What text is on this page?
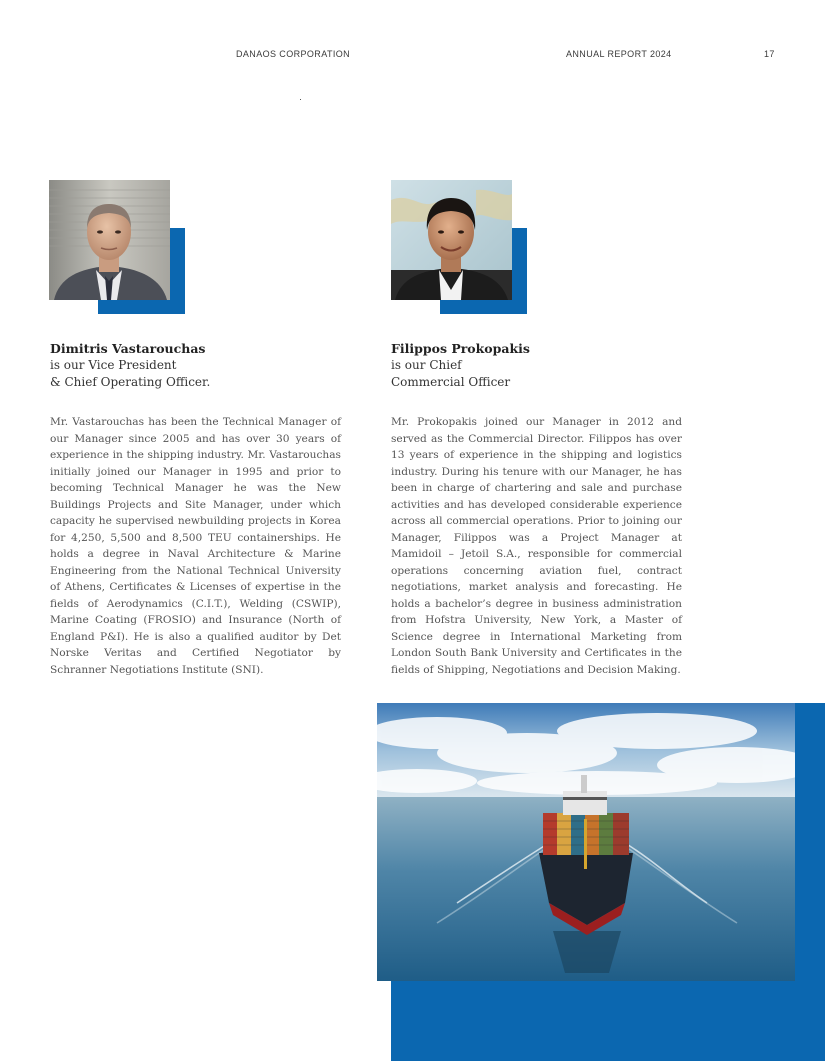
DANAOS CORPORATION	ANNUAL REPORT 2024	17
Dimitris Vastarouchas
is our Vice President
& Chief Operating Officer.

Mr. Vastarouchas has been the Technical Manager of our Manager since 2005 and has over 30 years of experience in the shipping industry. Mr. Vastarouchas initially joined our Manager in 1995 and prior to becoming Technical Manager he was the New Buildings Projects and Site Manager, under which capacity he supervised newbuilding projects in Korea for 4,250, 5,500 and 8,500 TEU containerships. He holds a degree in Naval Architecture & Marine Engineering from the National Technical University of Athens, Certificates & Licenses of expertise in the fields of Aerodynamics (C.I.T.), Welding (CSWIP), Marine Coating (FROSIO) and Insurance (North of England P&I). He is also a qualified auditor by Det Norske Veritas and Certified Negotiator by Schranner Negotiations Institute (SNI).

Filippos Prokopakis
is our Chief
Commercial Officer

Mr. Prokopakis joined our Manager in 2012 and served as the Commercial Director. Filippos has over 13 years of experience in the shipping and logistics industry. During his tenure with our Manager, he has been in charge of chartering and sale and purchase activities and has developed considerable experience across all commercial operations. Prior to joining our Manager, Filippos was a Project Manager at Mamidoil – Jetoil S.A., responsible for commercial operations concerning aviation fuel, contract negotiations, market analysis and forecasting. He holds a bachelor’s degree in business administration from Hofstra University, New York, a Master of Science degree in International Marketing from London South Bank University and Certificates in the fields of Shipping, Negotiations and Decision Making.
